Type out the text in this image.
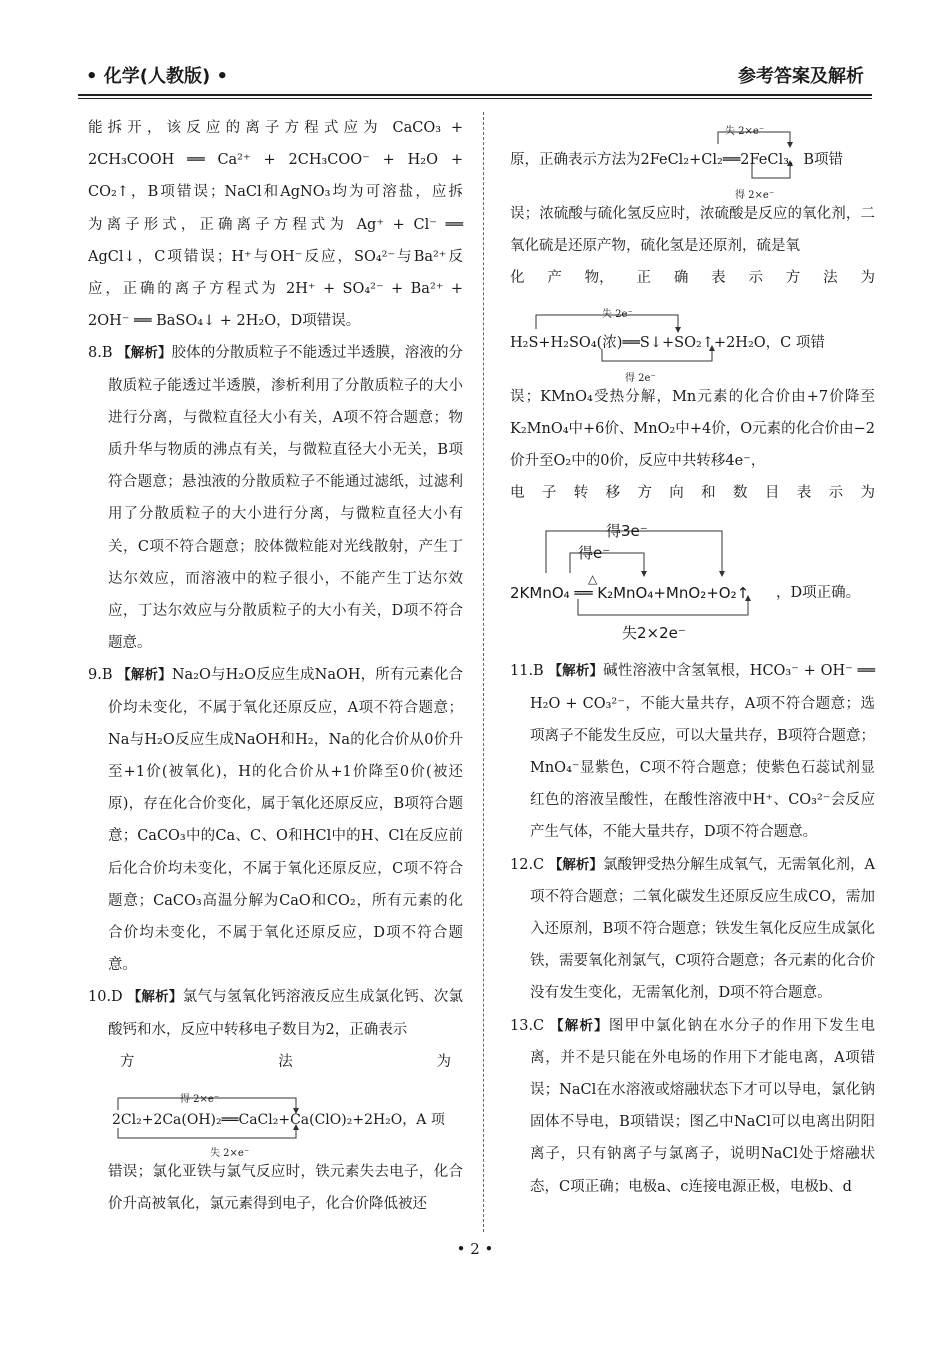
• 化学(人教版) •	参考答案及解析

能拆开，该反应的离子方程式应为 CaCO₃ +

2CH₃COOH ══ Ca²⁺ + 2CH₃COO⁻ + H₂O +

CO₂↑，B项错误；NaCl和AgNO₃均为可溶盐，应拆

为离子形式，正确离子方程式为 Ag⁺ + Cl⁻ ══

AgCl↓，C项错误；H⁺与OH⁻反应，SO₄²⁻与Ba²⁺反

应，正确的离子方程式为 2H⁺ + SO₄²⁻ + Ba²⁺ +

2OH⁻ ══ BaSO₄↓ + 2H₂O，D项错误。

8.B 【解析】胶体的分散质粒子不能透过半透膜，溶液的分散质粒子能透过半透膜，渗析利用了分散质粒子的大小进行分离，与微粒直径大小有关，A项不符合题意；物质升华与物质的沸点有关，与微粒直径大小无关，B项符合题意；悬浊液的分散质粒子不能通过滤纸，过滤利用了分散质粒子的大小进行分离，与微粒直径大小有关，C项不符合题意；胶体微粒能对光线散射，产生丁达尔效应，而溶液中的粒子很小，不能产生丁达尔效应，丁达尔效应与分散质粒子的大小有关，D项不符合题意。

9.B 【解析】Na₂O与H₂O反应生成NaOH，所有元素化合价均未变化，不属于氧化还原反应，A项不符合题意；Na与H₂O反应生成NaOH和H₂，Na的化合价从0价升至+1价(被氧化)，H的化合价从+1价降至0价(被还原)，存在化合价变化，属于氧化还原反应，B项符合题意；CaCO₃中的Ca、C、O和HCl中的H、Cl在反应前后化合价均未变化，不属于氧化还原反应，C项不符合题意；CaCO₃高温分解为CaO和CO₂，所有元素的化合价均未变化，不属于氧化还原反应，D项不符合题意。

10.D 【解析】氯气与氢氧化钙溶液反应生成氯化钙、次氯酸钙和水，反应中转移电子数目为2，正确表示
方	法	为
得 2×e⁻
2Cl₂+2Ca(OH)₂══CaCl₂+Ca(ClO)₂+2H₂O，A 项
失 2×e⁻
错误；氯化亚铁与氯气反应时，铁元素失去电子，化合价升高被氧化，氯元素得到电子，化合价降低被还
失 2×e⁻
原，正确表示方法为2FeCl₂+Cl₂══2FeCl₃，B项错
得 2×e⁻

误；浓硫酸与硫化氢反应时，浓硫酸是反应的氧化剂，二氧化硫是还原产物，硫化氢是还原剂，硫是氧

化 产 物， 正 确 表 示 方 法 为
失 2e⁻
H₂S+H₂SO₄(浓)══S↓+SO₂↑+2H₂O，C 项错
得 2e⁻

误；KMnO₄受热分解，Mn元素的化合价由+7价降至K₂MnO₄中+6价、MnO₂中+4价，O元素的化合价由−2价升至O₂中的0价，反应中共转移4e⁻，

电 子 转 移 方 向 和 数 目 表 示 为
得3e⁻
得e⁻
△
2KMnO₄ ══ K₂MnO₄+MnO₂+O₂↑ ，D项正确。
失2×2e⁻

11.B 【解析】碱性溶液中含氢氧根，HCO₃⁻ + OH⁻ ══ H₂O + CO₃²⁻，不能大量共存，A项不符合题意；选项离子不能发生反应，可以大量共存，B项符合题意；MnO₄⁻显紫色，C项不符合题意；使紫色石蕊试剂显红色的溶液呈酸性，在酸性溶液中H⁺、CO₃²⁻会反应产生气体，不能大量共存，D项不符合题意。

12.C 【解析】氯酸钾受热分解生成氧气，无需氧化剂，A项不符合题意；二氧化碳发生还原反应生成CO，需加入还原剂，B项不符合题意；铁发生氧化反应生成氯化铁，需要氧化剂氯气，C项符合题意；各元素的化合价没有发生变化，无需氧化剂，D项不符合题意。

13.C 【解析】图甲中氯化钠在水分子的作用下发生电离，并不是只能在外电场的作用下才能电离，A项错误；NaCl在水溶液或熔融状态下才可以导电，氯化钠固体不导电，B项错误；图乙中NaCl可以电离出阴阳离子，只有钠离子与氯离子，说明NaCl处于熔融状态，C项正确；电极a、c连接电源正极，电极b、d

• 2 •
